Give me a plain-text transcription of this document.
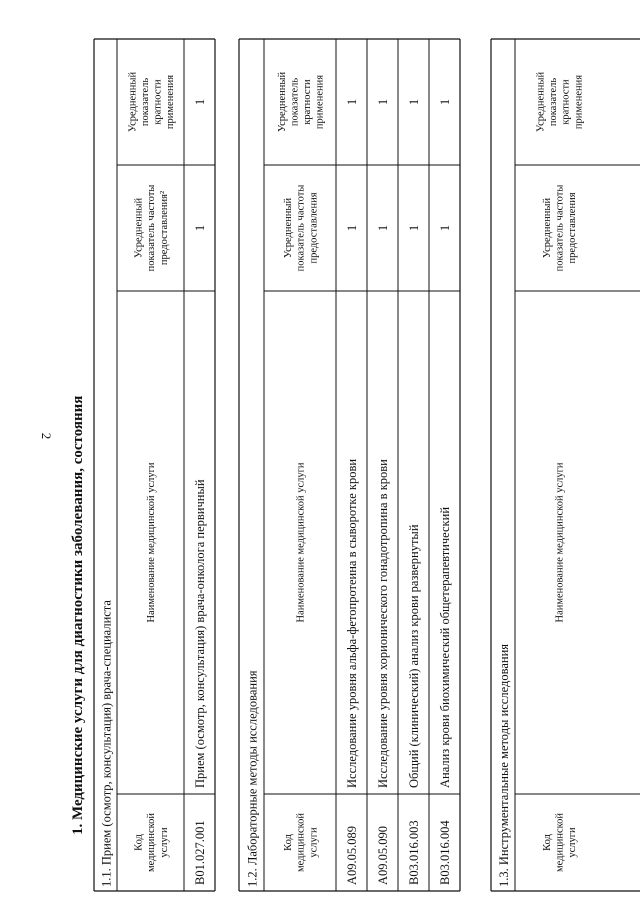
2 1. Медицинские услуги для диагностики заболевания, состояния 1.1. Прием (осмотр, консультация) врача-специалиста Код медицинской услуги
Наименование медицинской услуги
Усредненный показатель частоты предоставления²
Усредненный показатель кратности применения
B01.027.001
Прием (осмотр, консультация) врача-онколога первичный
1
1
1.2. Лабораторные методы исследования Код медицинской услуги
Наименование медицинской услуги
Усредненный показатель частоты предоставления
Усредненный показатель кратности применения
A09.05.089
Исследование уровня альфа-фетопротеина в сыворотке крови
1
1
A09.05.090
Исследование уровня хорионического гонадотропина в крови
1
1
B03.016.003
Общий (клинический) анализ крови развернутый
1
1
B03.016.004
Анализ крови биохимический общетерапевтический
1
1
1.3. Инструментальные методы исследования	Код медицинской услуги
Наименование медицинской услуги
Усредненный показатель частоты предоставления
Усредненный показатель кратности применения
